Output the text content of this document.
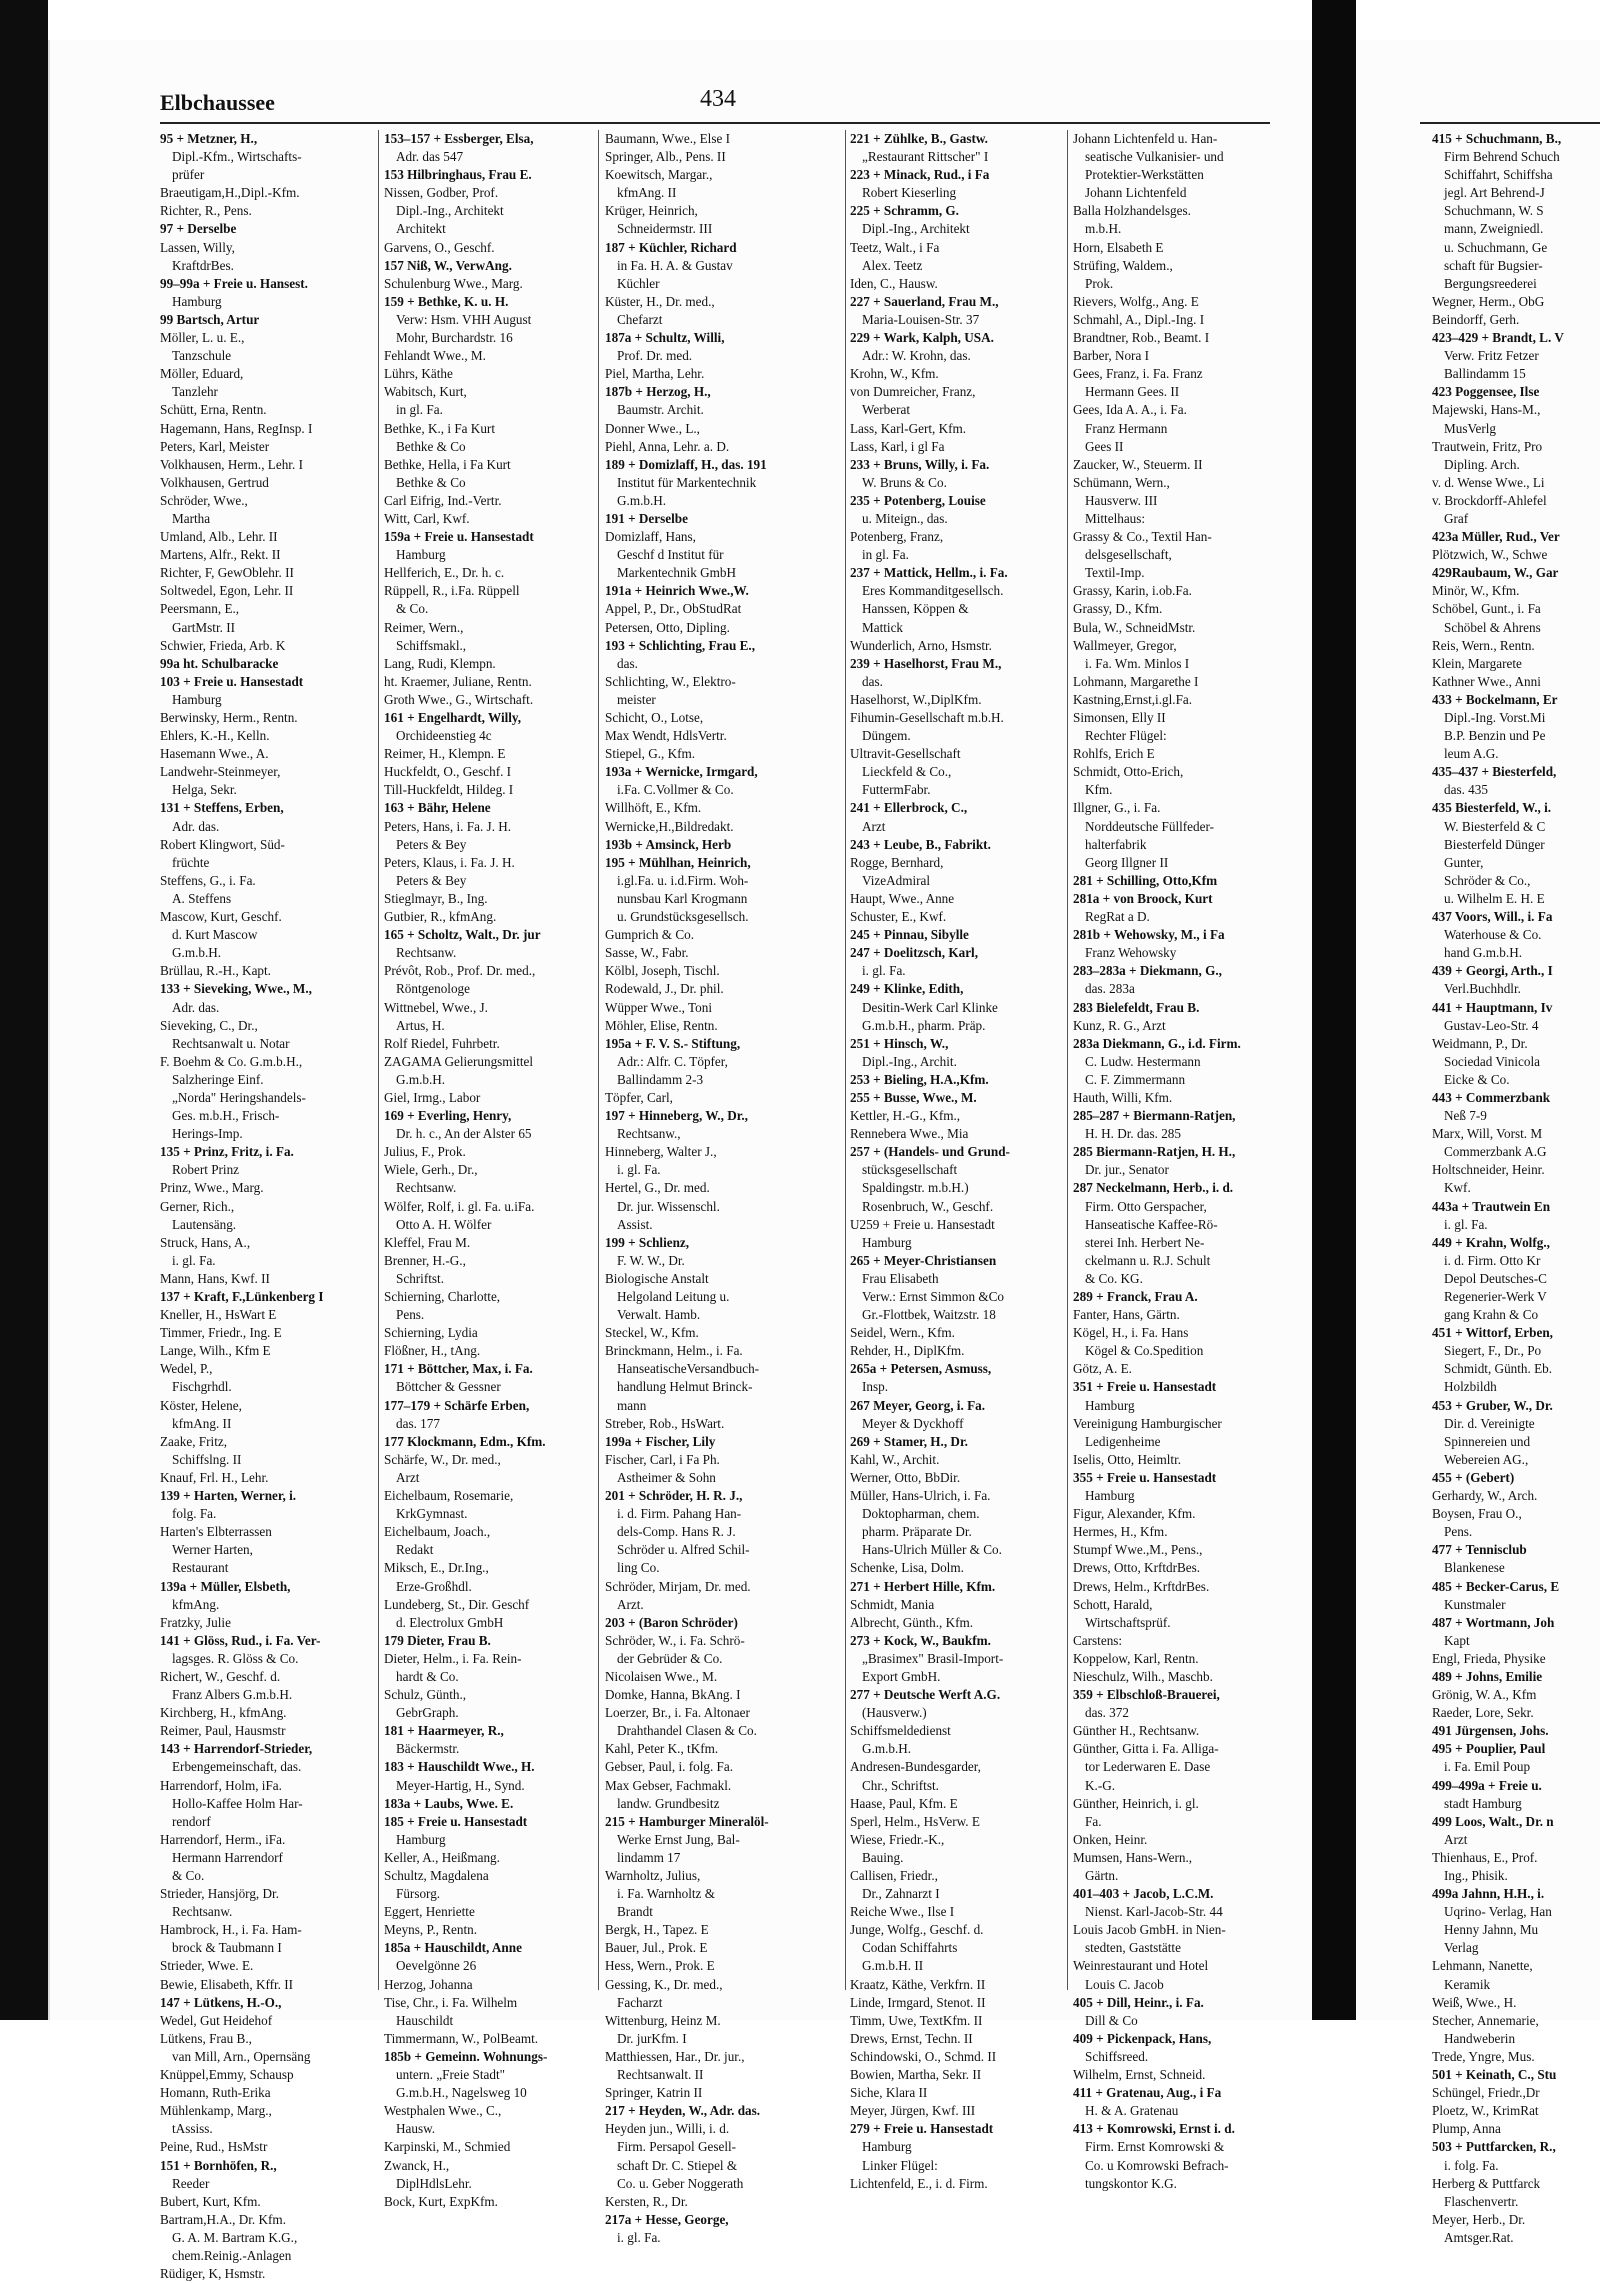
Elbchaussee	434
95 + Metzner, H.,
Dipl.-Kfm., Wirtschafts-
prüfer
Braeutigam,H.,Dipl.-Kfm.
Richter, R., Pens.
97 + Derselbe
Lassen, Willy,
KraftdrBes.
99–99a + Freie u. Hansest.
Hamburg
99 Bartsch, Artur
Möller, L. u. E.,
Tanzschule
Möller, Eduard,
Tanzlehr
Schütt, Erna, Rentn.
Hagemann, Hans, RegInsp. I
Peters, Karl, Meister
Volkhausen, Herm., Lehr. I
Volkhausen, Gertrud
Schröder, Wwe.,
Martha
Umland, Alb., Lehr. II
Martens, Alfr., Rekt. II
Richter, F, GewOblehr. II
Soltwedel, Egon, Lehr. II
Peersmann, E.,
GartMstr. II
Schwier, Frieda, Arb. K
99a ht. Schulbaracke
103 + Freie u. Hansestadt
Hamburg
Berwinsky, Herm., Rentn.
Ehlers, K.-H., Kelln.
Hasemann Wwe., A.
Landwehr-Steinmeyer,
Helga, Sekr.
131 + Steffens, Erben,
Adr. das.
Robert Klingwort, Süd-
früchte
Steffens, G., i. Fa.
A. Steffens
Mascow, Kurt, Geschf.
d. Kurt Mascow
G.m.b.H.
Brüllau, R.-H., Kapt.
133 + Sieveking, Wwe., M.,
Adr. das.
Sieveking, C., Dr.,
Rechtsanwalt u. Notar
F. Boehm & Co. G.m.b.H.,
Salzheringe Einf.
„Norda" Heringshandels-
Ges. m.b.H., Frisch-
Herings-Imp.
135 + Prinz, Fritz, i. Fa.
Robert Prinz
Prinz, Wwe., Marg.
Gerner, Rich.,
Lautensäng.
Struck, Hans, A.,
i. gl. Fa.
Mann, Hans, Kwf. II
137 + Kraft, F.,Lünkenberg I
Kneller, H., HsWart E
Timmer, Friedr., Ing. E
Lange, Wilh., Kfm E
Wedel, P.,
Fischgrhdl.
Köster, Helene,
kfmAng. II
Zaake, Fritz,
Schiffslng. II
Knauf, Frl. H., Lehr.
139 + Harten, Werner, i.
folg. Fa.
Harten's Elbterrassen
Werner Harten,
Restaurant
139a + Müller, Elsbeth,
kfmAng.
Fratzky, Julie
141 + Glöss, Rud., i. Fa. Ver-
lagsges. R. Glöss & Co.
Richert, W., Geschf. d.
Franz Albers G.m.b.H.
Kirchberg, H., kfmAng.
Reimer, Paul, Hausmstr
143 + Harrendorf-Strieder,
Erbengemeinschaft, das.
Harrendorf, Holm, iFa.
Hollo-Kaffee Holm Har-
rendorf
Harrendorf, Herm., iFa.
Hermann Harrendorf
& Co.
Strieder, Hansjörg, Dr.
Rechtsanw.
Hambrock, H., i. Fa. Ham-
brock & Taubmann I
Strieder, Wwe. E.
Bewie, Elisabeth, Kffr. II
147 + Lütkens, H.-O.,
Wedel, Gut Heidehof
Lütkens, Frau B.,
van Mill, Arn., Opernsäng
Knüppel,Emmy, Schausp
Homann, Ruth-Erika
Mühlenkamp, Marg.,
tAssiss.
Peine, Rud., HsMstr
151 + Bornhöfen, R.,
Reeder
Bubert, Kurt, Kfm.
Bartram,H.A., Dr. Kfm.
G. A. M. Bartram K.G.,
chem.Reinig.-Anlagen
Rüdiger, K, Hsmstr.
153–157 + Essberger, Elsa,
Adr. das 547
153 Hilbringhaus, Frau E.
Nissen, Godber, Prof.
Dipl.-Ing., Architekt
Architekt
Garvens, O., Geschf.
157 Niß, W., VerwAng.
Schulenburg Wwe., Marg.
159 + Bethke, K. u. H.
Verw: Hsm. VHH August
Mohr, Burchardstr. 16
Fehlandt Wwe., M.
Lührs, Käthe
Wabitsch, Kurt,
in gl. Fa.
Bethke, K., i Fa Kurt
Bethke & Co
Bethke, Hella, i Fa Kurt
Bethke & Co
Carl Eifrig, Ind.-Vertr.
Witt, Carl, Kwf.
159a + Freie u. Hansestadt
Hamburg
Hellferich, E., Dr. h. c.
Rüppell, R., i.Fa. Rüppell
& Co.
Reimer, Wern.,
Schiffsmakl.,
Lang, Rudi, Klempn.
ht. Kraemer, Juliane, Rentn.
Groth Wwe., G., Wirtschaft.
161 + Engelhardt, Willy,
Orchideenstieg 4c
Reimer, H., Klempn. E
Huckfeldt, O., Geschf. I
Till-Huckfeldt, Hildeg. I
163 + Bähr, Helene
Peters, Hans, i. Fa. J. H.
Peters & Bey
Peters, Klaus, i. Fa. J. H.
Peters & Bey
Stieglmayr, B., Ing.
Gutbier, R., kfmAng.
165 + Scholtz, Walt., Dr. jur
Rechtsanw.
Prévôt, Rob., Prof. Dr. med.,
Röntgenologe
Wittnebel, Wwe., J.
Artus, H.
Rolf Riedel, Fuhrbetr.
ZAGAMA Gelierungsmittel
G.m.b.H.
Giel, Irmg., Labor
169 + Everling, Henry,
Dr. h. c., An der Alster 65
Julius, F., Prok.
Wiele, Gerh., Dr.,
Rechtsanw.
Wölfer, Rolf, i. gl. Fa. u.iFa.
Otto A. H. Wölfer
Kleffel, Frau M.
Brenner, H.-G.,
Schriftst.
Schierning, Charlotte,
Pens.
Schierning, Lydia
Flößner, H., tAng.
171 + Böttcher, Max, i. Fa.
Böttcher & Gessner
177–179 + Schärfe Erben,
das. 177
177 Klockmann, Edm., Kfm.
Schärfe, W., Dr. med.,
Arzt
Eichelbaum, Rosemarie,
KrkGymnast.
Eichelbaum, Joach.,
Redakt
Miksch, E., Dr.Ing.,
Erze-Großhdl.
Lundeberg, St., Dir. Geschf
d. Electrolux GmbH
179 Dieter, Frau B.
Dieter, Helm., i. Fa. Rein-
hardt & Co.
Schulz, Günth.,
GebrGraph.
181 + Haarmeyer, R.,
Bäckermstr.
183 + Hauschildt Wwe., H.
Meyer-Hartig, H., Synd.
183a + Laubs, Wwe. E.
185 + Freie u. Hansestadt
Hamburg
Keller, A., Heißmang.
Schultz, Magdalena
Fürsorg.
Eggert, Henriette
Meyns, P., Rentn.
185a + Hauschildt, Anne
Oevelgönne 26
Herzog, Johanna
Tise, Chr., i. Fa. Wilhelm
Hauschildt
Timmermann, W., PolBeamt.
185b + Gemeinn. Wohnungs-
untern. „Freie Stadt"
G.m.b.H., Nagelsweg 10
Westphalen Wwe., C.,
Hausw.
Karpinski, M., Schmied
Zwanck, H.,
DiplHdlsLehr.
Bock, Kurt, ExpKfm.
Baumann, Wwe., Else I
Springer, Alb., Pens. II
Koewitsch, Margar.,
kfmAng. II
Krüger, Heinrich,
Schneidermstr. III
187 + Küchler, Richard
in Fa. H. A. & Gustav
Küchler
Küster, H., Dr. med.,
Chefarzt
187a + Schultz, Willi,
Prof. Dr. med.
Piel, Martha, Lehr.
187b + Herzog, H.,
Baumstr. Archit.
Donner Wwe., L.,
Piehl, Anna, Lehr. a. D.
189 + Domizlaff, H., das. 191
Institut für Markentechnik
G.m.b.H.
191 + Derselbe
Domizlaff, Hans,
Geschf d Institut für
Markentechnik GmbH
191a + Heinrich Wwe.,W.
Appel, P., Dr., ObStudRat
Petersen, Otto, Dipling.
193 + Schlichting, Frau E.,
das.
Schlichting, W., Elektro-
meister
Schicht, O., Lotse,
Max Wendt, HdlsVertr.
Stiepel, G., Kfm.
193a + Wernicke, Irmgard,
i.Fa. C.Vollmer & Co.
Willhöft, E., Kfm.
Wernicke,H.,Bildredakt.
193b + Amsinck, Herb
195 + Mühlhan, Heinrich,
i.gl.Fa. u. i.d.Firm. Woh-
nunsbau Karl Krogmann
u. Grundstücksgesellsch.
Gumprich & Co.
Sasse, W., Fabr.
Kölbl, Joseph, Tischl.
Rodewald, J., Dr. phil.
Wüpper Wwe., Toni
Möhler, Elise, Rentn.
195a + F. V. S.- Stiftung,
Adr.: Alfr. C. Töpfer,
Ballindamm 2-3
Töpfer, Carl,
197 + Hinneberg, W., Dr.,
Rechtsanw.,
Hinneberg, Walter J.,
i. gl. Fa.
Hertel, G., Dr. med.
Dr. jur. Wissenschl.
Assist.
199 + Schlienz,
F. W. W., Dr.
Biologische Anstalt
Helgoland Leitung u.
Verwalt. Hamb.
Steckel, W., Kfm.
Brinckmann, Helm., i. Fa.
HanseatischeVersandbuch-
handlung Helmut Brinck-
mann
Streber, Rob., HsWart.
199a + Fischer, Lily
Fischer, Carl, i Fa Ph.
Astheimer & Sohn
201 + Schröder, H. R. J.,
i. d. Firm. Pahang Han-
dels-Comp. Hans R. J.
Schröder u. Alfred Schil-
ling Co.
Schröder, Mirjam, Dr. med.
Arzt.
203 + (Baron Schröder)
Schröder, W., i. Fa. Schrö-
der Gebrüder & Co.
Nicolaisen Wwe., M.
Domke, Hanna, BkAng. I
Loerzer, Br., i. Fa. Altonaer
Drahthandel Clasen & Co.
Kahl, Peter K., tKfm.
Gebser, Paul, i. folg. Fa.
Max Gebser, Fachmakl.
landw. Grundbesitz
215 + Hamburger Mineralöl-
Werke Ernst Jung, Bal-
lindamm 17
Warnholtz, Julius,
i. Fa. Warnholtz &
Brandt
Bergk, H., Tapez. E
Bauer, Jul., Prok. E
Hess, Wern., Prok. E
Gessing, K., Dr. med.,
Facharzt
Wittenburg, Heinz M.
Dr. jurKfm. I
Matthiessen, Har., Dr. jur.,
Rechtsanwalt. II
Springer, Katrin II
217 + Heyden, W., Adr. das.
Heyden jun., Willi, i. d.
Firm. Persapol Gesell-
schaft Dr. C. Stiepel &
Co. u. Geber Noggerath
Kersten, R., Dr.
217a + Hesse, George,
i. gl. Fa.
221 + Zühlke, B., Gastw.
„Restaurant Rittscher" I
223 + Minack, Rud., i Fa
Robert Kieserling
225 + Schramm, G.
Dipl.-Ing., Architekt
Teetz, Walt., i Fa
Alex. Teetz
Iden, C., Hausw.
227 + Sauerland, Frau M.,
Maria-Louisen-Str. 37
229 + Wark, Kalph, USA.
Adr.: W. Krohn, das.
Krohn, W., Kfm.
von Dumreicher, Franz,
Werberat
Lass, Karl-Gert, Kfm.
Lass, Karl, i gl Fa
233 + Bruns, Willy, i. Fa.
W. Bruns & Co.
235 + Potenberg, Louise
u. Miteign., das.
Potenberg, Franz,
in gl. Fa.
237 + Mattick, Hellm., i. Fa.
Eres Kommanditgesellsch.
Hanssen, Köppen &
Mattick
Wunderlich, Arno, Hsmstr.
239 + Haselhorst, Frau M.,
das.
Haselhorst, W.,DiplKfm.
Fihumin-Gesellschaft m.b.H.
Düngem.
Ultravit-Gesellschaft
Lieckfeld & Co.,
FuttermFabr.
241 + Ellerbrock, C.,
Arzt
243 + Leube, B., Fabrikt.
Rogge, Bernhard,
VizeAdmiral
Haupt, Wwe., Anne
Schuster, E., Kwf.
245 + Pinnau, Sibylle
247 + Doelitzsch, Karl,
i. gl. Fa.
249 + Klinke, Edith,
Desitin-Werk Carl Klinke
G.m.b.H., pharm. Präp.
251 + Hinsch, W.,
Dipl.-Ing., Archit.
253 + Bieling, H.A.,Kfm.
255 + Busse, Wwe., M.
Kettler, H.-G., Kfm.,
Rennebera Wwe., Mia
257 + (Handels- und Grund-
stücksgesellschaft
Spaldingstr. m.b.H.)
Rosenbruch, W., Geschf.
U259 + Freie u. Hansestadt
Hamburg
265 + Meyer-Christiansen
Frau Elisabeth
Verw.: Ernst Simmon &Co
Gr.-Flottbek, Waitzstr. 18
Seidel, Wern., Kfm.
Rehder, H., DiplKfm.
265a + Petersen, Asmuss,
Insp.
267 Meyer, Georg, i. Fa.
Meyer & Dyckhoff
269 + Stamer, H., Dr.
Kahl, W., Archit.
Werner, Otto, BbDir.
Müller, Hans-Ulrich, i. Fa.
Doktopharman, chem.
pharm. Präparate Dr.
Hans-Ulrich Müller & Co.
Schenke, Lisa, Dolm.
271 + Herbert Hille, Kfm.
Schmidt, Mania
Albrecht, Günth., Kfm.
273 + Kock, W., Baukfm.
„Brasimex" Brasil-Import-
Export GmbH.
277 + Deutsche Werft A.G.
(Hausverw.)
Schiffsmeldedienst
G.m.b.H.
Andresen-Bundesgarder,
Chr., Schriftst.
Haase, Paul, Kfm. E
Sperl, Helm., HsVerw. E
Wiese, Friedr.-K.,
Bauing.
Callisen, Friedr.,
Dr., Zahnarzt I
Reiche Wwe., Ilse I
Junge, Wolfg., Geschf. d.
Codan Schiffahrts
G.m.b.H. II
Kraatz, Käthe, Verkfrn. II
Linde, Irmgard, Stenot. II
Timm, Uwe, TextKfm. II
Drews, Ernst, Techn. II
Schindowski, O., Schmd. II
Bowien, Martha, Sekr. II
Siche, Klara II
Meyer, Jürgen, Kwf. III
279 + Freie u. Hansestadt
Hamburg
Linker Flügel:
Lichtenfeld, E., i. d. Firm.
Johann Lichtenfeld u. Han-
seatische Vulkanisier- und
Protektier-Werkstätten
Johann Lichtenfeld
Balla Holzhandelsges.
m.b.H.
Horn, Elsabeth E
Strüfing, Waldem.,
Prok.
Rievers, Wolfg., Ang. E
Schmahl, A., Dipl.-Ing. I
Brandtner, Rob., Beamt. I
Barber, Nora I
Gees, Franz, i. Fa. Franz
Hermann Gees. II
Gees, Ida A. A., i. Fa.
Franz Hermann
Gees II
Zaucker, W., Steuerm. II
Schümann, Wern.,
Hausverw. III
Mittelhaus:
Grassy & Co., Textil Han-
delsgesellschaft,
Textil-Imp.
Grassy, Karin, i.ob.Fa.
Grassy, D., Kfm.
Bula, W., SchneidMstr.
Wallmeyer, Gregor,
i. Fa. Wm. Minlos I
Lohmann, Margarethe I
Kastning,Ernst,i.gl.Fa.
Simonsen, Elly II
Rechter Flügel:
Rohlfs, Erich E
Schmidt, Otto-Erich,
Kfm.
Illgner, G., i. Fa.
Norddeutsche Füllfeder-
halterfabrik
Georg Illgner II
281 + Schilling, Otto,Kfm
281a + von Broock, Kurt
RegRat a D.
281b + Wehowsky, M., i Fa
Franz Wehowsky
283–283a + Diekmann, G.,
das. 283a
283 Bielefeldt, Frau B.
Kunz, R. G., Arzt
283a Diekmann, G., i.d. Firm.
C. Ludw. Hestermann
C. F. Zimmermann
Hauth, Willi, Kfm.
285–287 + Biermann-Ratjen,
H. H. Dr. das. 285
285 Biermann-Ratjen, H. H.,
Dr. jur., Senator
287 Neckelmann, Herb., i. d.
Firm. Otto Gerspacher,
Hanseatische Kaffee-Rö-
sterei Inh. Herbert Ne-
ckelmann u. R.J. Schult
& Co. KG.
289 + Franck, Frau A.
Fanter, Hans, Gärtn.
Kögel, H., i. Fa. Hans
Kögel & Co.Spedition
Götz, A. E.
351 + Freie u. Hansestadt
Hamburg
Vereinigung Hamburgischer
Ledigenheime
Iselis, Otto, Heimltr.
355 + Freie u. Hansestadt
Hamburg
Figur, Alexander, Kfm.
Hermes, H., Kfm.
Stumpf Wwe.,M., Pens.,
Drews, Otto, KrftdrBes.
Drews, Helm., KrftdrBes.
Schott, Harald,
Wirtschaftsprüf.
Carstens:
Koppelow, Karl, Rentn.
Nieschulz, Wilh., Maschb.
359 + Elbschloß-Brauerei,
das. 372
Günther H., Rechtsanw.
Günther, Gitta i. Fa. Alliga-
tor Lederwaren E. Dase
K.-G.
Günther, Heinrich, i. gl.
Fa.
Onken, Heinr.
Mumsen, Hans-Wern.,
Gärtn.
401–403 + Jacob, L.C.M.
Nienst. Karl-Jacob-Str. 44
Louis Jacob GmbH. in Nien-
stedten, Gaststätte
Weinrestaurant und Hotel
Louis C. Jacob
405 + Dill, Heinr., i. Fa.
Dill & Co
409 + Pickenpack, Hans,
Schiffsreed.
Wilhelm, Ernst, Schneid.
411 + Gratenau, Aug., i Fa
H. & A. Gratenau
413 + Komrowski, Ernst i. d.
Firm. Ernst Komrowski &
Co. u Komrowski Befrach-
tungskontor K.G.
415 + Schuchmann, B.,
Firm Behrend Schuch
Schiffahrt, Schiffsha
jegl. Art Behrend-J
Schuchmann, W. S
mann, Zweigniedl.
u. Schuchmann, Ge
schaft für Bugsier-
Bergungsreederei
Wegner, Herm., ObG
Beindorff, Gerh.
423–429 + Brandt, L. V
Verw. Fritz Fetzer
Ballindamm 15
423 Poggensee, Ilse
Majewski, Hans-M.,
MusVerlg
Trautwein, Fritz, Pro
Dipling. Arch.
v. d. Wense Wwe., Li
v. Brockdorff-Ahlefel
Graf
423a Müller, Rud., Ver
Plötzwich, W., Schwe
429Raubaum, W., Gar
Minör, W., Kfm.
Schöbel, Gunt., i. Fa
Schöbel & Ahrens
Reis, Wern., Rentn.
Klein, Margarete
Kathner Wwe., Anni
433 + Bockelmann, Er
Dipl.-Ing. Vorst.Mi
B.P. Benzin und Pe
leum A.G.
435–437 + Biesterfeld,
das. 435
435 Biesterfeld, W., i.
W. Biesterfeld & C
Biesterfeld Dünger
Gunter,
Schröder & Co.,
u. Wilhelm E. H. E
437 Voors, Will., i. Fa
Waterhouse & Co.
hand G.m.b.H.
439 + Georgi, Arth., I
Verl.Buchhdlr.
441 + Hauptmann, Iv
Gustav-Leo-Str. 4
Weidmann, P., Dr.
Sociedad Vinicola
Eicke & Co.
443 + Commerzbank
Neß 7-9
Marx, Will, Vorst. M
Commerzbank A.G
Holtschneider, Heinr.
Kwf.
443a + Trautwein En
i. gl. Fa.
449 + Krahn, Wolfg.,
i. d. Firm. Otto Kr
Depol Deutsches-C
Regenerier-Werk V
gang Krahn & Co
451 + Wittorf, Erben,
Siegert, F., Dr., Po
Schmidt, Günth. Eb.
Holzbildh
453 + Gruber, W., Dr.
Dir. d. Vereinigte
Spinnereien und
Webereien AG.,
455 + (Gebert)
Gerhardy, W., Arch.
Boysen, Frau O.,
Pens.
477 + Tennisclub
Blankenese
485 + Becker-Carus, E
Kunstmaler
487 + Wortmann, Joh
Kapt
Engl, Frieda, Physike
489 + Johns, Emilie
Grönig, W. A., Kfm
Raeder, Lore, Sekr.
491 Jürgensen, Johs.
495 + Pouplier, Paul
i. Fa. Emil Poup
499–499a + Freie u.
stadt Hamburg
499 Loos, Walt., Dr. n
Arzt
Thienhaus, E., Prof.
Ing., Phisik.
499a Jahnn, H.H., i.
Uqrino- Verlag, Han
Henny Jahnn, Mu
Verlag
Lehmann, Nanette,
Keramik
Weiß, Wwe., H.
Stecher, Annemarie,
Handweberin
Trede, Yngre, Mus.
501 + Keinath, C., Stu
Schüngel, Friedr.,Dr
Ploetz, W., KrimRat
Plump, Anna
503 + Puttfarcken, R.,
i. folg. Fa.
Herberg & Puttfarck
Flaschenvertr.
Meyer, Herb., Dr.
Amtsger.Rat.
